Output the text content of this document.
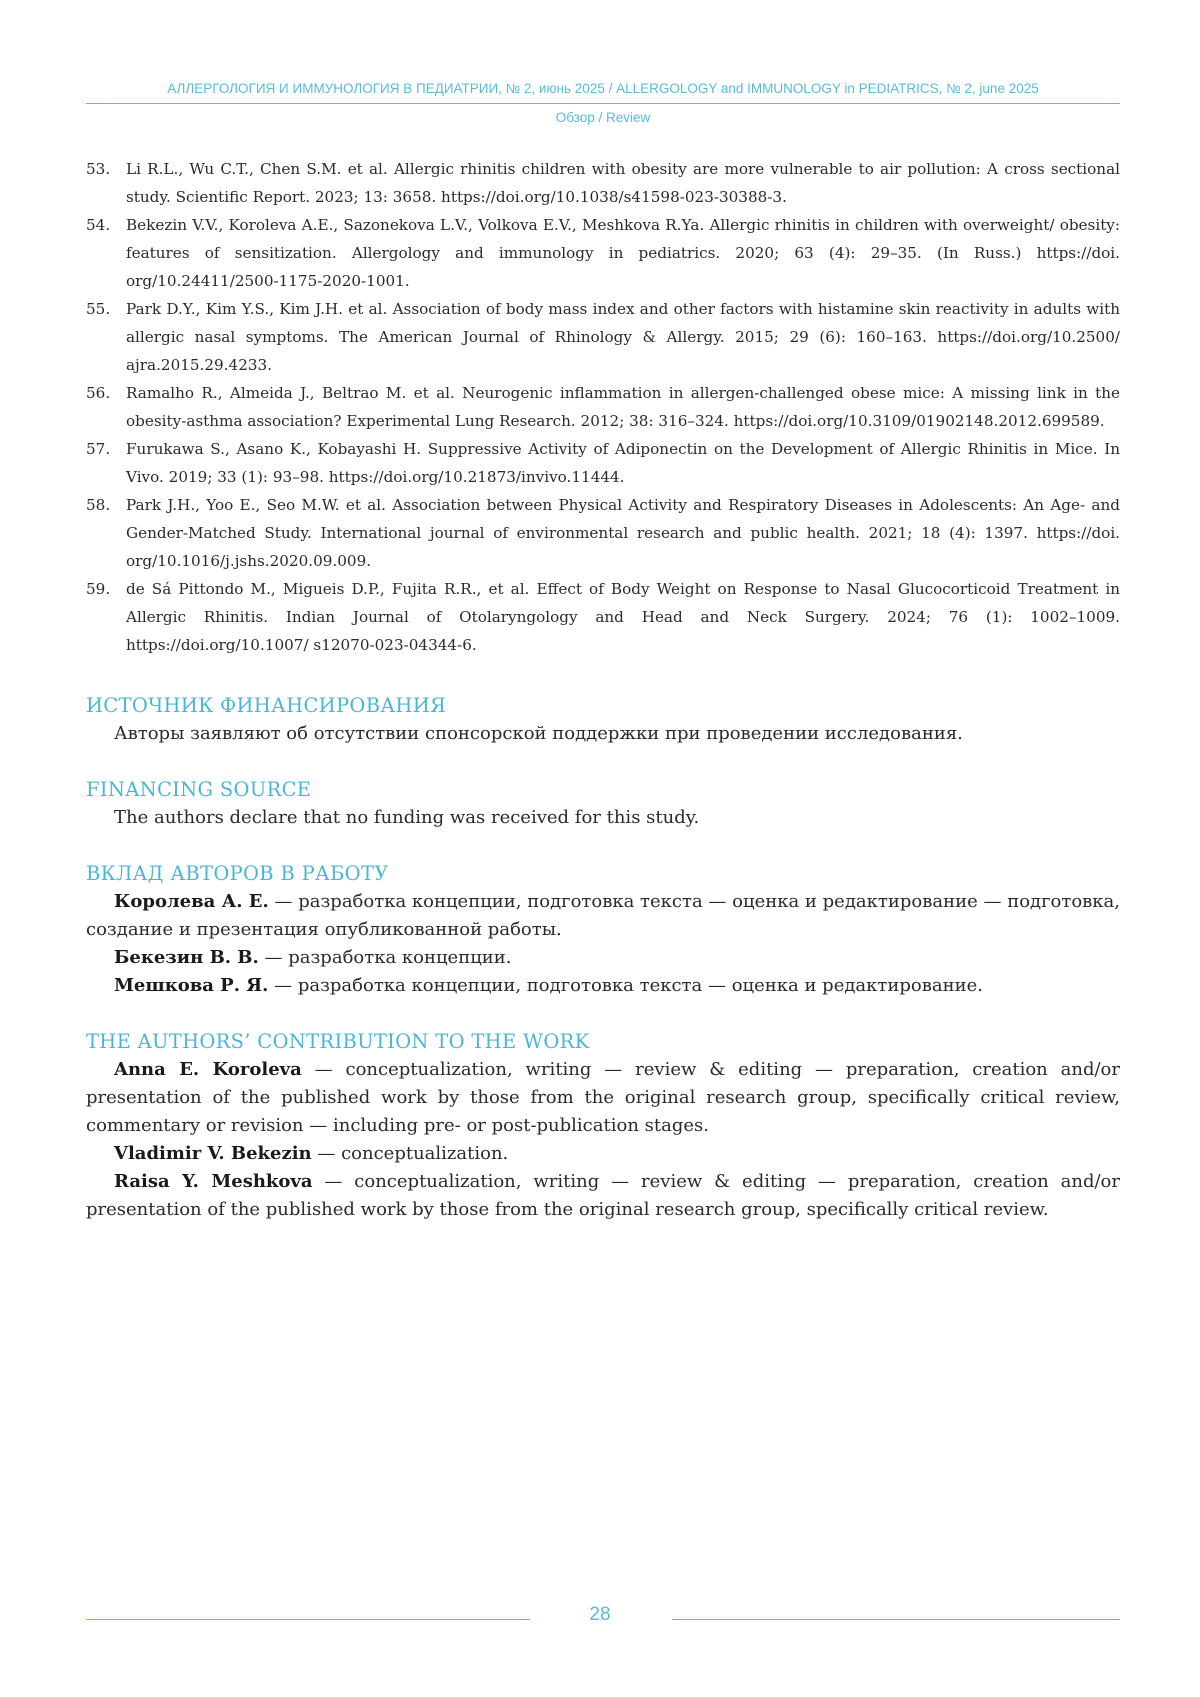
АЛЛЕРГОЛОГИЯ И ИММУНОЛОГИЯ В ПЕДИАТРИИ, № 2, июнь 2025 / ALLERGOLOGY and IMMUNOLOGY in PEDIATRICS, № 2, june 2025
Обзор / Review
53. Li R.L., Wu C.T., Chen S.M. et al. Allergic rhinitis children with obesity are more vulnerable to air pollution: A cross sectional study. Scientific Report. 2023; 13: 3658. https://doi.org/10.1038/s41598-023-30388-3.
54. Bekezin V.V., Koroleva A.E., Sazonekova L.V., Volkova E.V., Meshkova R.Ya. Allergic rhinitis in children with overweight/ obesity: features of sensitization. Allergology and immunology in pediatrics. 2020; 63 (4): 29–35. (In Russ.) https://doi. org/10.24411/2500-1175-2020-1001.
55. Park D.Y., Kim Y.S., Kim J.H. et al. Association of body mass index and other factors with histamine skin reactivity in adults with allergic nasal symptoms. The American Journal of Rhinology & Allergy. 2015; 29 (6): 160–163. https://doi.org/10.2500/ ajra.2015.29.4233.
56. Ramalho R., Almeida J., Beltrao M. et al. Neurogenic inflammation in allergen-challenged obese mice: A missing link in the obesity-asthma association? Experimental Lung Research. 2012; 38: 316–324. https://doi.org/10.3109/01902148.2012.699589.
57. Furukawa S., Asano K., Kobayashi H. Suppressive Activity of Adiponectin on the Development of Allergic Rhinitis in Mice. In Vivo. 2019; 33 (1): 93–98. https://doi.org/10.21873/invivo.11444.
58. Park J.H., Yoo E., Seo M.W. et al. Association between Physical Activity and Respiratory Diseases in Adolescents: An Age- and Gender-Matched Study. International journal of environmental research and public health. 2021; 18 (4): 1397. https://doi. org/10.1016/j.jshs.2020.09.009.
59. de Sá Pittondo M., Migueis D.P., Fujita R.R., et al. Effect of Body Weight on Response to Nasal Glucocorticoid Treatment in Allergic Rhinitis. Indian Journal of Otolaryngology and Head and Neck Surgery. 2024; 76 (1): 1002–1009. https://doi.org/10.1007/ s12070-023-04344-6.
ИСТОЧНИК ФИНАНСИРОВАНИЯ

Авторы заявляют об отсутствии спонсорской поддержки при проведении исследования.

FINANCING SOURCE

The authors declare that no funding was received for this study.

ВКЛАД АВТОРОВ В РАБОТУ

Королева А. Е. — разработка концепции, подготовка текста — оценка и редактирование — подготовка, создание и презентация опубликованной работы.

Бекезин В. В. — разработка концепции.

Мешкова Р. Я. — разработка концепции, подготовка текста — оценка и редактирование.

THE AUTHORS’ CONTRIBUTION TO THE WORK

Anna E. Koroleva — conceptualization, writing — review & editing — preparation, creation and/or presentation of the published work by those from the original research group, specifically critical review, commentary or revision — including pre- or post-publication stages.

Vladimir V. Bekezin — conceptualization.

Raisa Y. Meshkova — conceptualization, writing — review & editing — preparation, creation and/or presentation of the published work by those from the original research group, specifically critical review.

28
